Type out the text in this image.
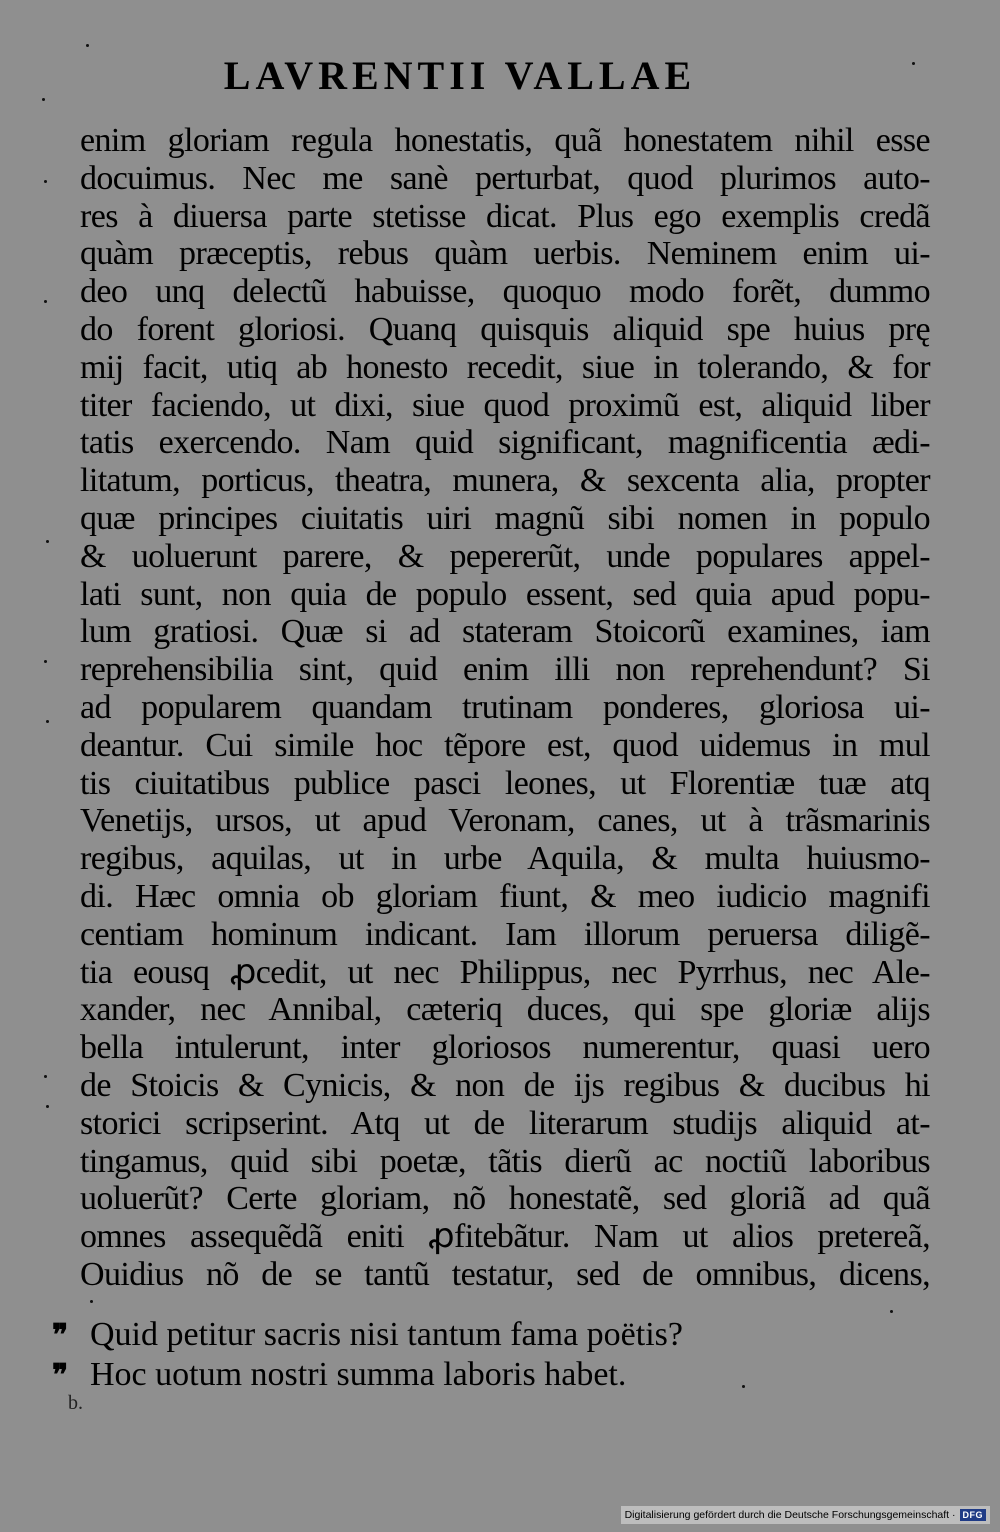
LAVRENTII VALLAE
enim gloriam regula honestatis, quã honestatem nihil esse
docuimus. Nec me sanè perturbat, quod plurimos auto-
res à diuersa parte stetisse dicat. Plus ego exemplis credã
quàm præceptis, rebus quàm uerbis. Neminem enim ui-
deo unq delectũ habuisse, quoquo modo forẽt, dummo
do forent gloriosi. Quanq quisquis aliquid spe huius prę
mij facit, utiq ab honesto recedit, siue in tolerando, & for
titer faciendo, ut dixi, siue quod proximũ est, aliquid liber
tatis exercendo. Nam quid significant, magnificentia ædi-
litatum, porticus, theatra, munera, & sexcenta alia, propter
quæ principes ciuitatis uiri magnũ sibi nomen in populo
& uoluerunt parere, & pepererũt, unde populares appel-
lati sunt, non quia de populo essent, sed quia apud popu-
lum gratiosi. Quæ si ad stateram Stoicorũ examines, iam
reprehensibilia sint, quid enim illi non reprehendunt? Si
ad popularem quandam trutinam ponderes, gloriosa ui-
deantur. Cui simile hoc tẽpore est, quod uidemus in mul
tis ciuitatibus publice pasci leones, ut Florentiæ tuæ atq
Venetijs, ursos, ut apud Veronam, canes, ut à trãsmarinis
regibus, aquilas, ut in urbe Aquila, & multa huiusmo-
di. Hæc omnia ob gloriam fiunt, & meo iudicio magnifi
centiam hominum indicant. Iam illorum peruersa diligẽ-
tia eousq ꝓcedit, ut nec Philippus, nec Pyrrhus, nec Ale-
xander, nec Annibal, cæteriq duces, qui spe gloriæ alijs
bella intulerunt, inter gloriosos numerentur, quasi uero
de Stoicis & Cynicis, & non de ijs regibus & ducibus hi
storici scripserint. Atq ut de literarum studijs aliquid at-
tingamus, quid sibi poetæ, tãtis dierũ ac noctiũ laboribus
uoluerũt? Certe gloriam, nõ honestatẽ, sed gloriã ad quã
omnes assequẽdã eniti ꝓfitebãtur. Nam ut alios pretereã,
Ouidius nõ de se tantũ testatur, sed de omnibus, dicens,
❞ Quid petitur sacris nisi tantum fama poëtis?
❞ Hoc uotum nostri summa laboris habet.
b.
Digitalisierung gefördert durch die Deutsche Forschungsgemeinschaft · DFG
